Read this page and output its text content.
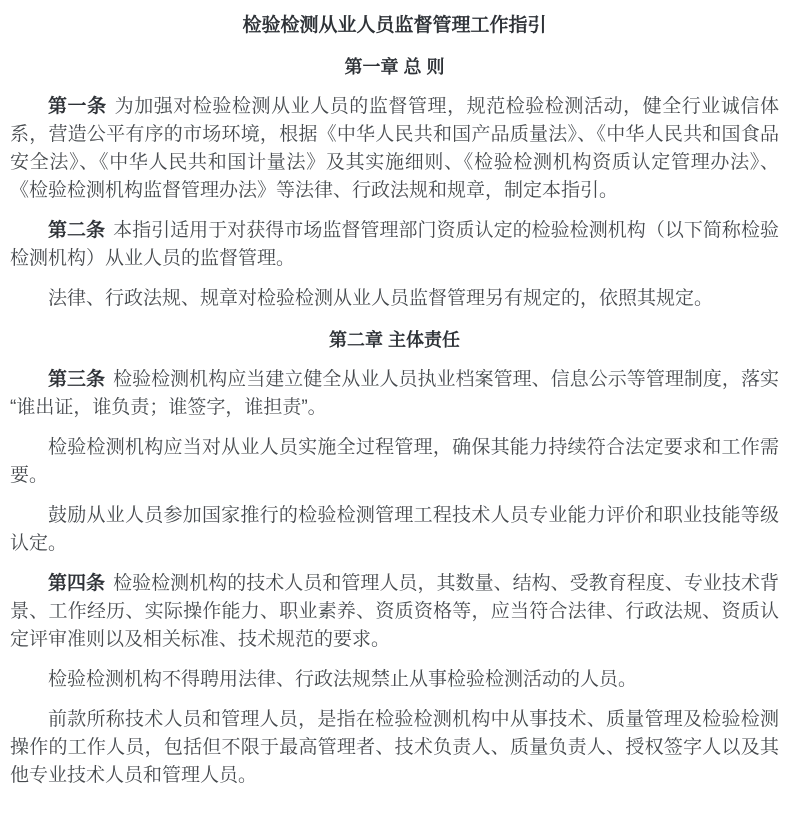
检验检测从业人员监督管理工作指引
第一章 总 则

第一条 为加强对检验检测从业人员的监督管理，规范检验检测活动，健全行业诚信体系，营造公平有序的市场环境，根据《中华人民共和国产品质量法》、《中华人民共和国食品安全法》、《中华人民共和国计量法》及其实施细则、《检验检测机构资质认定管理办法》、《检验检测机构监督管理办法》等法律、行政法规和规章，制定本指引。

第二条 本指引适用于对获得市场监督管理部门资质认定的检验检测机构（以下简称检验检测机构）从业人员的监督管理。

法律、行政法规、规章对检验检测从业人员监督管理另有规定的，依照其规定。

第二章 主体责任

第三条 检验检测机构应当建立健全从业人员执业档案管理、信息公示等管理制度，落实“谁出证，谁负责；谁签字，谁担责”。

检验检测机构应当对从业人员实施全过程管理，确保其能力持续符合法定要求和工作需要。

鼓励从业人员参加国家推行的检验检测管理工程技术人员专业能力评价和职业技能等级认定。

第四条 检验检测机构的技术人员和管理人员，其数量、结构、受教育程度、专业技术背景、工作经历、实际操作能力、职业素养、资质资格等，应当符合法律、行政法规、资质认定评审准则以及相关标准、技术规范的要求。

检验检测机构不得聘用法律、行政法规禁止从事检验检测活动的人员。

前款所称技术人员和管理人员，是指在检验检测机构中从事技术、质量管理及检验检测操作的工作人员，包括但不限于最高管理者、技术负责人、质量负责人、授权签字人以及其他专业技术人员和管理人员。
